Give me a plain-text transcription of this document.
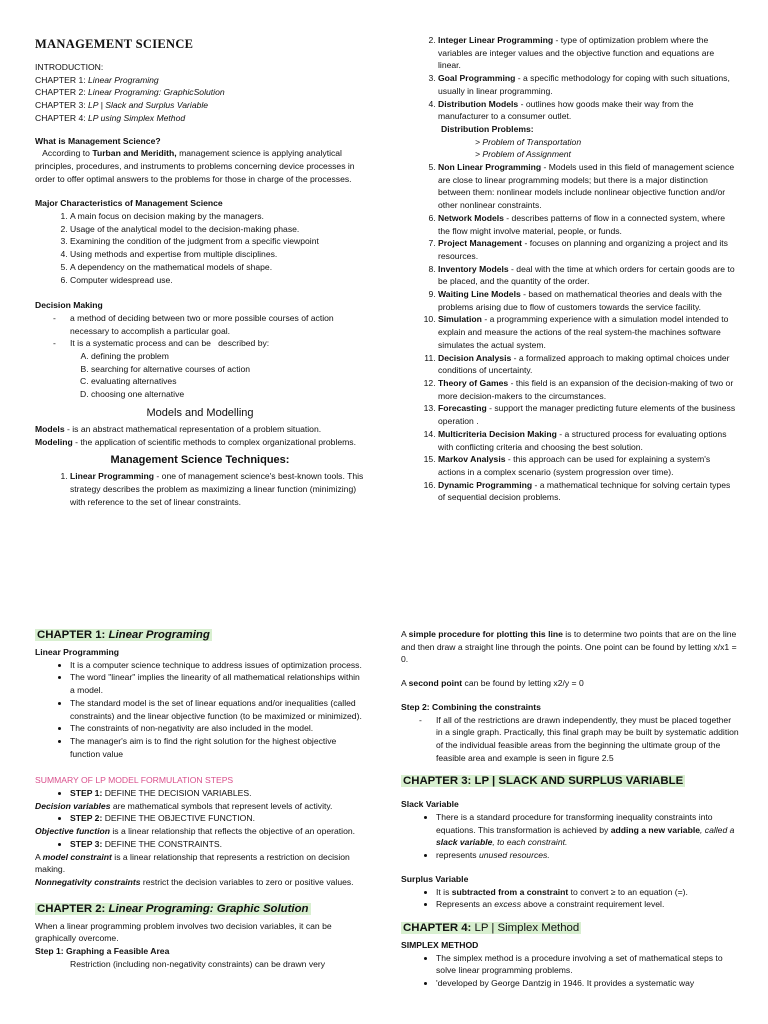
MANAGEMENT SCIENCE

INTRODUCTION:

CHAPTER 1: Linear Programing

CHAPTER 2: Linear Programing: GraphicSolution

CHAPTER 3: LP | Slack and Surplus Variable

CHAPTER 4: LP using Simplex Method

What is Management Science?

According to Turban and Meridith, management science is applying analytical principles, procedures, and instruments to problems concerning device processes in order to offer optimal answers to the problems for those in charge of the processes.

Major Characteristics of Management Science

1. A main focus on decision making by the managers.
2. Usage of the analytical model to the decision-making phase.
3. Examining the condition of the judgment from a specific viewpoint
4. Using methods and expertise from multiple disciplines.
5. A dependency on the mathematical models of shape.
6. Computer widespread use.

Decision Making

- a method of deciding between two or more possible courses of action necessary to accomplish a particular goal.
- It is a systematic process and can be   described by:
A. defining the problem
B. searching for alternative courses of action
C. evaluating alternatives
D. choosing one alternative
Models and Modelling

Models - is an abstract mathematical representation of a problem situation.

Modeling - the application of scientific methods to complex organizational problems.

Management Science Techniques:
1. Linear Programming - one of management science's best-known tools. This strategy describes the problem as maximizing a linear function (minimizing) with reference to the set of linear constraints.
2. Integer Linear Programming - type of optimization problem where the variables are integer values and the objective function and equations are linear.
3. Goal Programming - a specific methodology for coping with such situations, usually in linear programming.
4. Distribution Models - outlines how goods make their way from the manufacturer to a consumer outlet.

Distribution Problems:

> Problem of Transportation

> Problem of Assignment

5. Non Linear Programming - Models used in this field of management science are close to linear programming models; but there is a major distinction between them: nonlinear models include nonlinear objective function and/or other nonlinear constraints.
6. Network Models - describes patterns of flow in a connected system, where the flow might involve material, people, or funds.
7. Project Management - focuses on planning and organizing a project and its resources.
8. Inventory Models - deal with the time at which orders for certain goods are to be placed, and the quantity of the order.
9. Waiting Line Models - based on mathematical theories and deals with the problems arising due to flow of customers towards the service facility.
10. Simulation - a programming experience with a simulation model intended to explain and measure the actions of the real system-the machines software simulates the actual system.
11. Decision Analysis - a formalized approach to making optimal choices under conditions of uncertainty.
12. Theory of Games - this field is an expansion of the decision-making of two or more decision-makers to the circumstances.
13. Forecasting - support the manager predicting future elements of the business operation .
14. Multicriteria Decision Making - a structured process for evaluating options with conflicting criteria and choosing the best solution.
15. Markov Analysis - this approach can be used for explaining a system's actions in a complex scenario (system progression over time).
16. Dynamic Programming - a mathematical technique for solving certain types of sequential decision problems.
CHAPTER 1: Linear Programing

Linear Programming

• It is a computer science technique to address issues of optimization process.
• The word "linear" implies the linearity of all mathematical relationships within a model.
• The standard model is the set of linear equations and/or inequalities (called constraints) and the linear objective function (to be maximized or minimized).
• The constraints of non-negativity are also included in the model.
• The manager's aim is to find the right solution for the highest objective function value

SUMMARY OF LP MODEL FORMULATION STEPS

• STEP 1: DEFINE THE DECISION VARIABLES.

Decision variables are mathematical symbols that represent levels of activity.

• STEP 2: DEFINE THE OBJECTIVE FUNCTION.

Objective function is a linear relationship that reflects the objective of an operation.

• STEP 3: DEFINE THE CONSTRAINTS.

A model constraint is a linear relationship that represents a restriction on decision making.

Nonnegativity constraints restrict the decision variables to zero or positive values.

CHAPTER 2: Linear Programing: Graphic Solution

When a linear programming problem involves two decision variables, it can be graphically overcome.

Step 1: Graphing a Feasible Area

Restriction (including non-negativity constraints) can be drawn very

A simple procedure for plotting this line is to determine two points that are on the line and then draw a straight line through the points. One point can be found by letting x/x1 = 0.

A second point can be found by letting x2/y = 0

Step 2: Combining the constraints

- If all of the restrictions are drawn independently, they must be placed together in a single graph. Practically, this final graph may be built by systematic addition of the individual feasible areas from the beginning the ultimate group of the feasible area and example is seen in figure 2.5
CHAPTER 3: LP | SLACK AND SURPLUS VARIABLE

Slack Variable

• There is a standard procedure for transforming inequality constraints into equations. This transformation is achieved by adding a new variable, called a slack variable, to each constraint.
• represents unused resources.

Surplus Variable

• It is subtracted from a constraint to convert ≥ to an equation (=).
• Represents an excess above a constraint requirement level.
CHAPTER 4: LP | Simplex Method

SIMPLEX METHOD

• The simplex method is a procedure involving a set of mathematical steps to solve linear programming problems.
• 'developed by George Dantzig in 1946. It provides a systematic way
